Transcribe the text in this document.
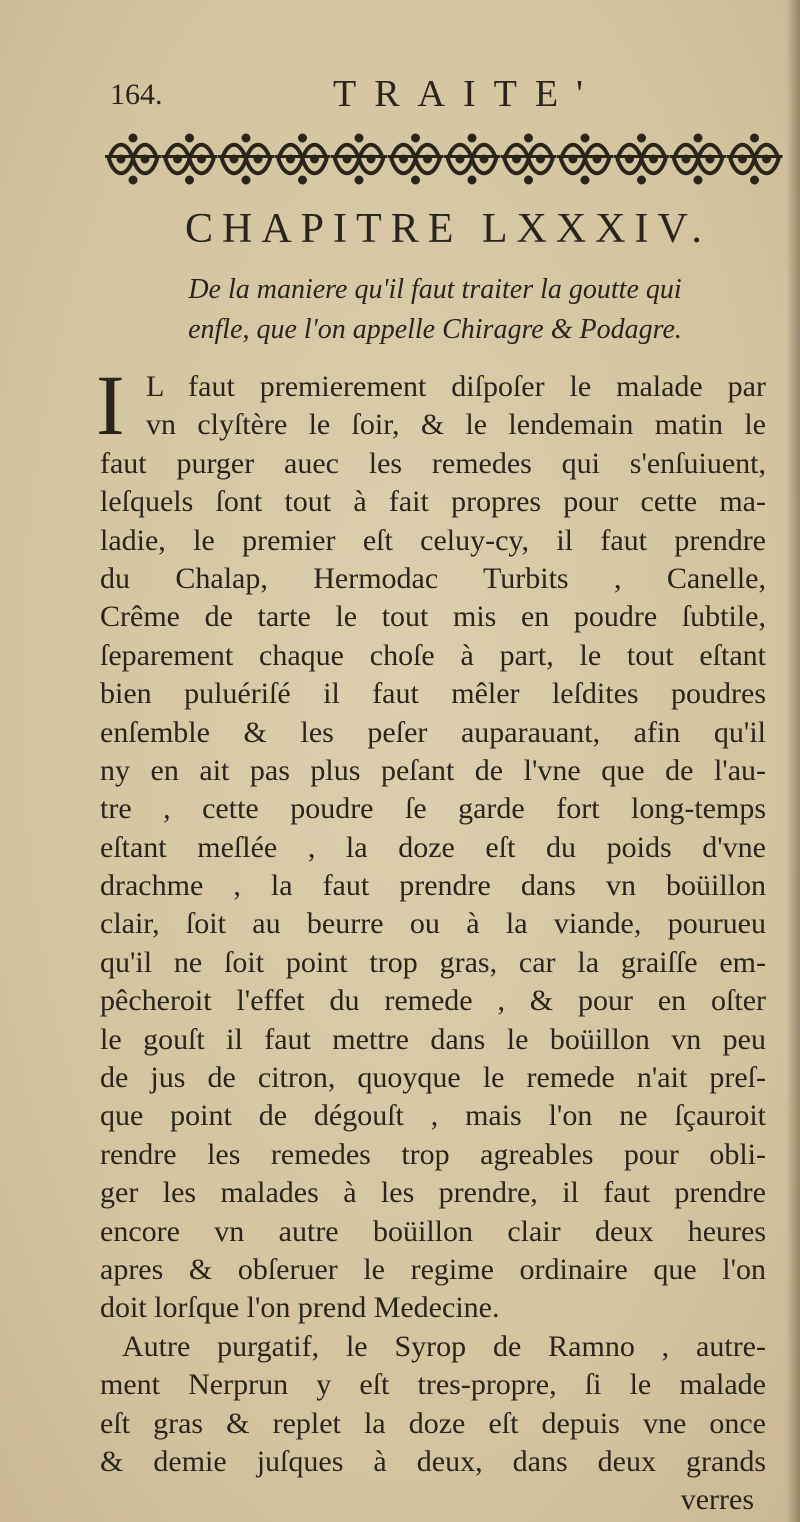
164.	TRAITE'
CHAPITRE LXXXIV.
De la maniere qu'il faut traiter la goutte qui
enfle, que l'on appelle Chiragre & Podagre.
I L faut premierement diſpoſer le malade par
vn clyſtère le ſoir, & le lendemain matin le
faut purger auec les remedes qui s'enſuiuent,
leſquels ſont tout à fait propres pour cette ma-
ladie, le premier eſt celuy-cy, il faut prendre
du Chalap, Hermodac Turbits , Canelle,
Crême de tarte le tout mis en poudre ſubtile,
ſeparement chaque choſe à part, le tout eſtant
bien puluériſé il faut mêler leſdites poudres
enſemble & les peſer auparauant, afin qu'il
ny en ait pas plus peſant de l'vne que de l'au-
tre , cette poudre ſe garde fort long-temps
eſtant meſlée , la doze eſt du poids d'vne
drachme , la faut prendre dans vn boüillon
clair, ſoit au beurre ou à la viande, pourueu
qu'il ne ſoit point trop gras, car la graiſſe em-
pêcheroit l'effet du remede , & pour en oſter
le gouſt il faut mettre dans le boüillon vn peu
de jus de citron, quoyque le remede n'ait preſ-
que point de dégouſt , mais l'on ne ſçauroit
rendre les remedes trop agreables pour obli-
ger les malades à les prendre, il faut prendre
encore vn autre boüillon clair deux heures
apres & obſeruer le regime ordinaire que l'on
doit lorſque l'on prend Medecine.
Autre purgatif, le Syrop de Ramno , autre-
ment Nerprun y eſt tres-propre, ſi le malade
eſt gras & replet la doze eſt depuis vne once
& demie juſques à deux, dans deux grands
verres
